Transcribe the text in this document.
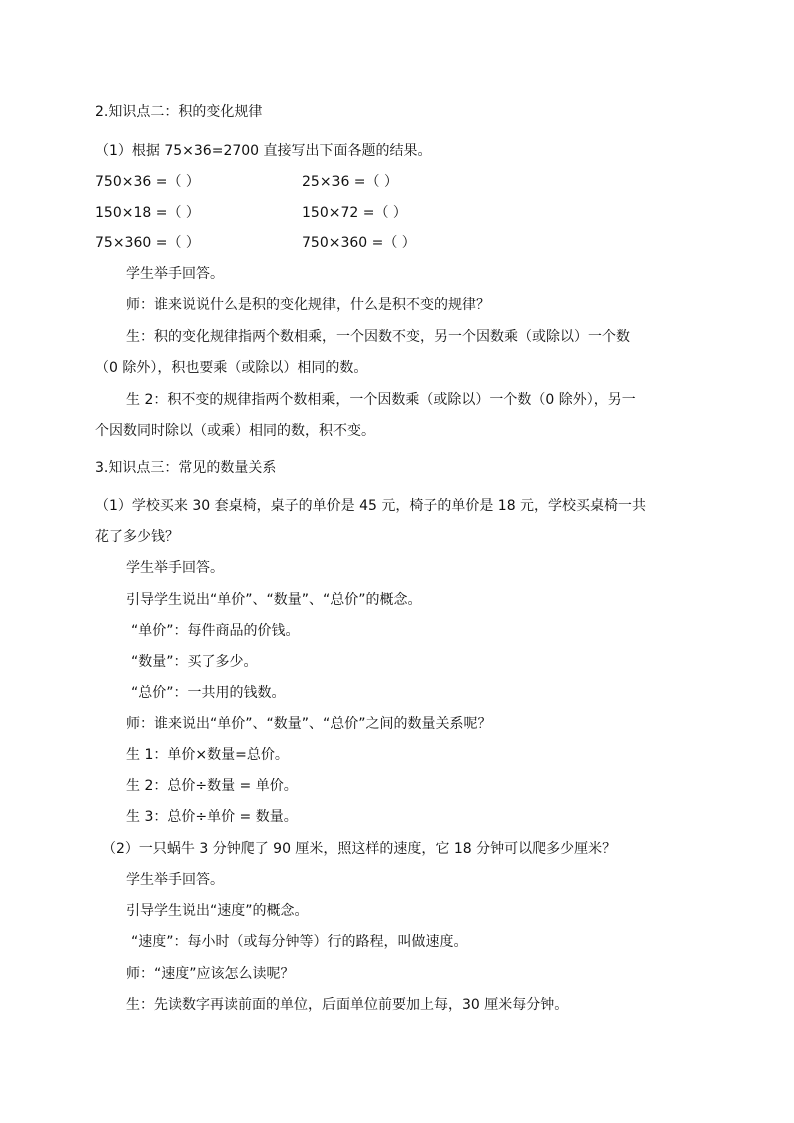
2.知识点二：积的变化规律
（1）根据 75×36=2700 直接写出下面各题的结果。
750×36 =（ ）	25×36 =（ ）
150×18 =（ ）	150×72 =（ ）
75×360 =（ ）	750×360 =（ ）
学生举手回答。
师：谁来说说什么是积的变化规律，什么是积不变的规律？
生：积的变化规律指两个数相乘，一个因数不变，另一个因数乘（或除以）一个数
（0 除外），积也要乘（或除以）相同的数。
生 2：积不变的规律指两个数相乘，一个因数乘（或除以）一个数（0 除外），另一
个因数同时除以（或乘）相同的数，积不变。
3.知识点三：常见的数量关系
（1）学校买来 30 套桌椅，桌子的单价是 45 元，椅子的单价是 18 元，学校买桌椅一共
花了多少钱？
学生举手回答。
引导学生说出“单价”、“数量”、“总价”的概念。
“单价”：每件商品的价钱。
“数量”：买了多少。
“总价”：一共用的钱数。
师：谁来说出“单价”、“数量”、“总价”之间的数量关系呢？
生 1：单价×数量=总价。
生 2：总价÷数量 = 单价。
生 3：总价÷单价 = 数量。
（2）一只蜗牛 3 分钟爬了 90 厘米，照这样的速度，它 18 分钟可以爬多少厘米？
学生举手回答。
引导学生说出“速度”的概念。
“速度”：每小时（或每分钟等）行的路程，叫做速度。
师：“速度”应该怎么读呢？
生：先读数字再读前面的单位，后面单位前要加上每，30 厘米每分钟。
